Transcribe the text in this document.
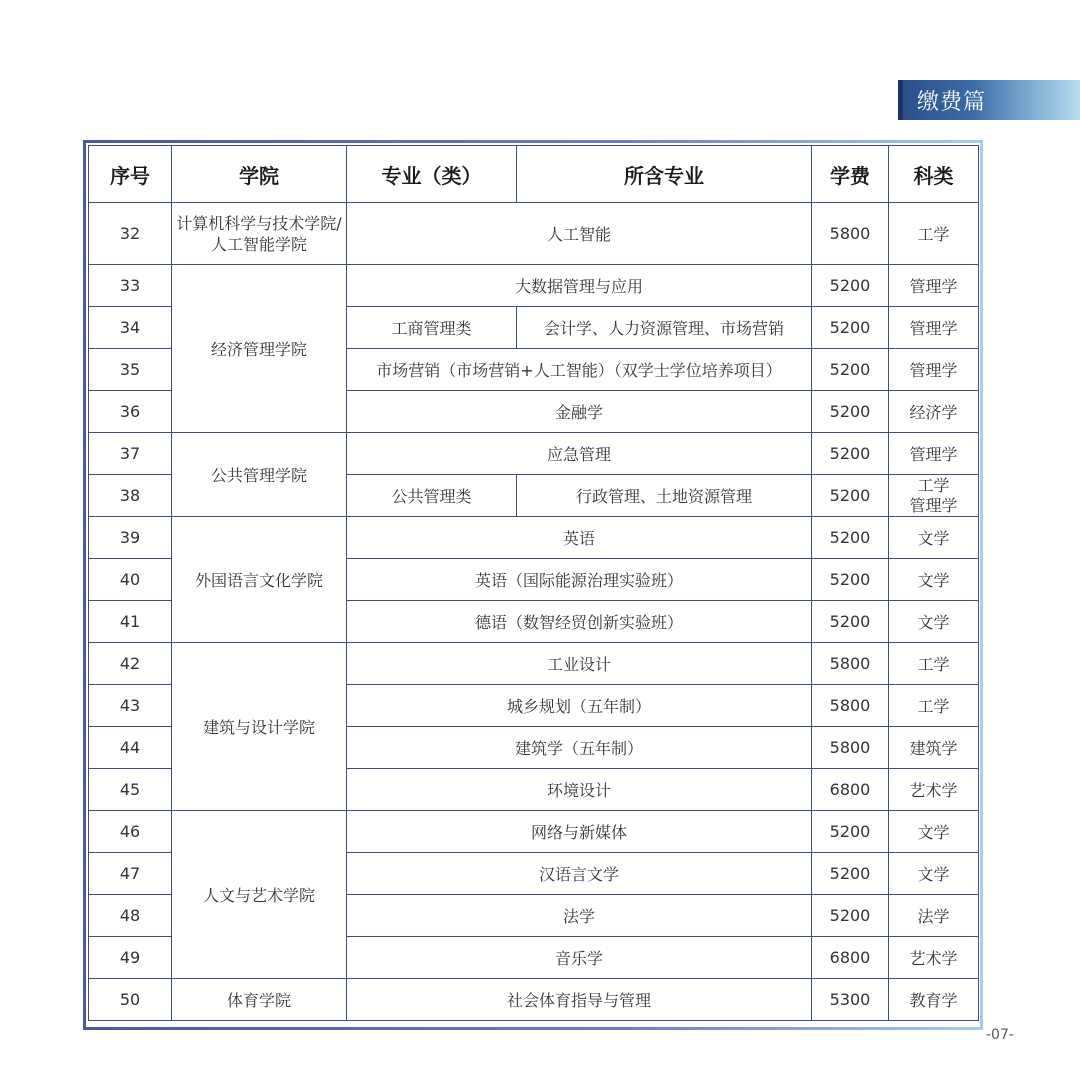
缴费篇
序号	学院	专业（类）	所含专业	学费	科类
32	计算机科学与技术学院/
人工智能学院	人工智能		5800	工学
33	经济管理学院	大数据管理与应用		5200	管理学
34		工商管理类	会计学、人力资源管理、市场营销	5200	管理学
35		市场营销（市场营销+人工智能）（双学士学位培养项目）		5200	管理学
36		金融学		5200	经济学
37	公共管理学院	应急管理		5200	管理学
38		公共管理类	行政管理、土地资源管理	5200	工学
管理学

39	外国语言文化学院	英语		5200	文学
40		英语（国际能源治理实验班）		5200	文学
41		德语（数智经贸创新实验班）		5200	文学
42	建筑与设计学院	工业设计		5800	工学
43		城乡规划（五年制）		5800	工学
44		建筑学（五年制）		5800	建筑学
45		环境设计		6800	艺术学
46	人文与艺术学院	网络与新媒体		5200	文学
47		汉语言文学		5200	文学
48		法学		5200	法学
49		音乐学		6800	艺术学
50	体育学院	社会体育指导与管理		5300	教育学
-07-
